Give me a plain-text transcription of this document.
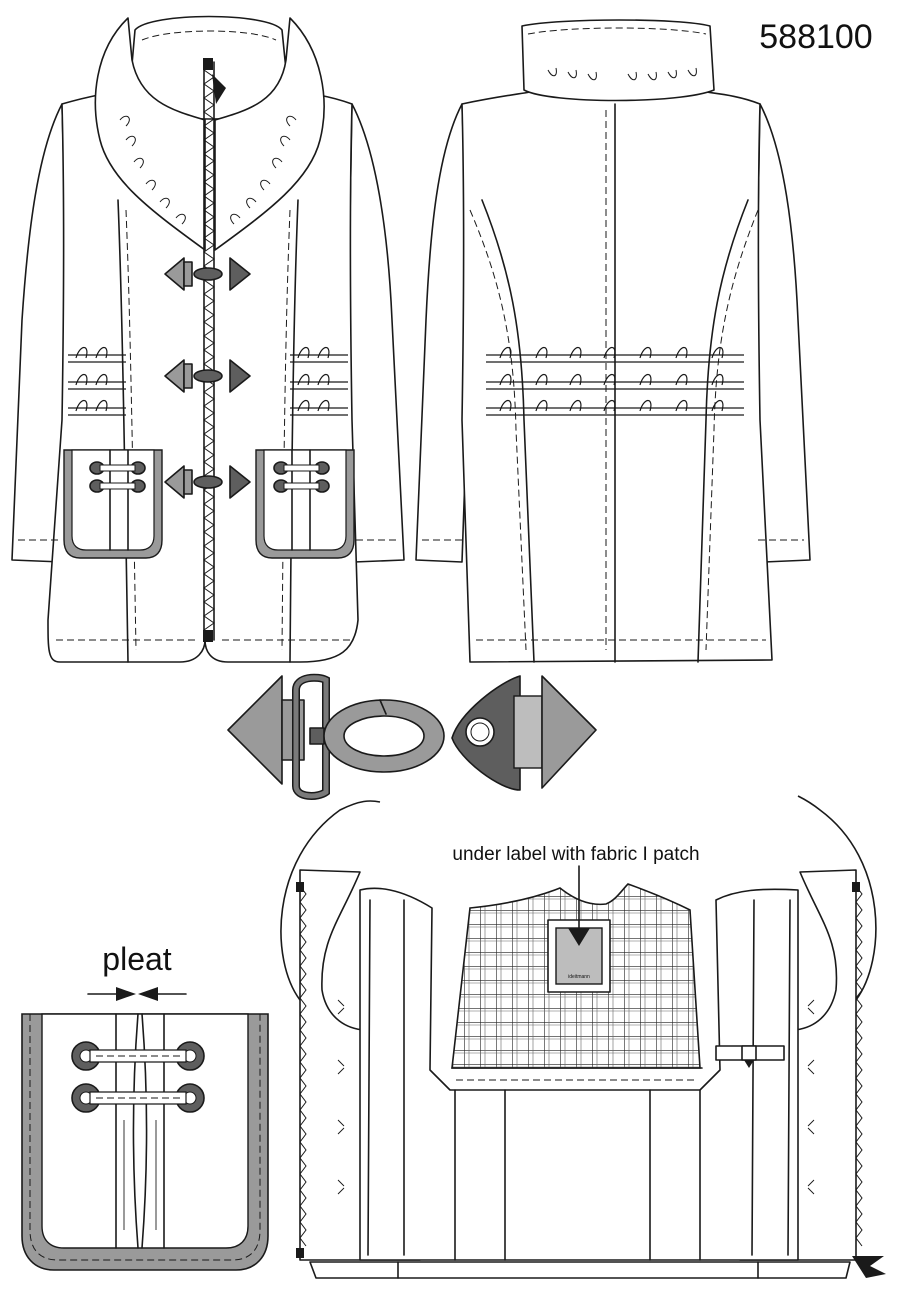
588100
ideitmann
under label with fabric I patch
pleat
